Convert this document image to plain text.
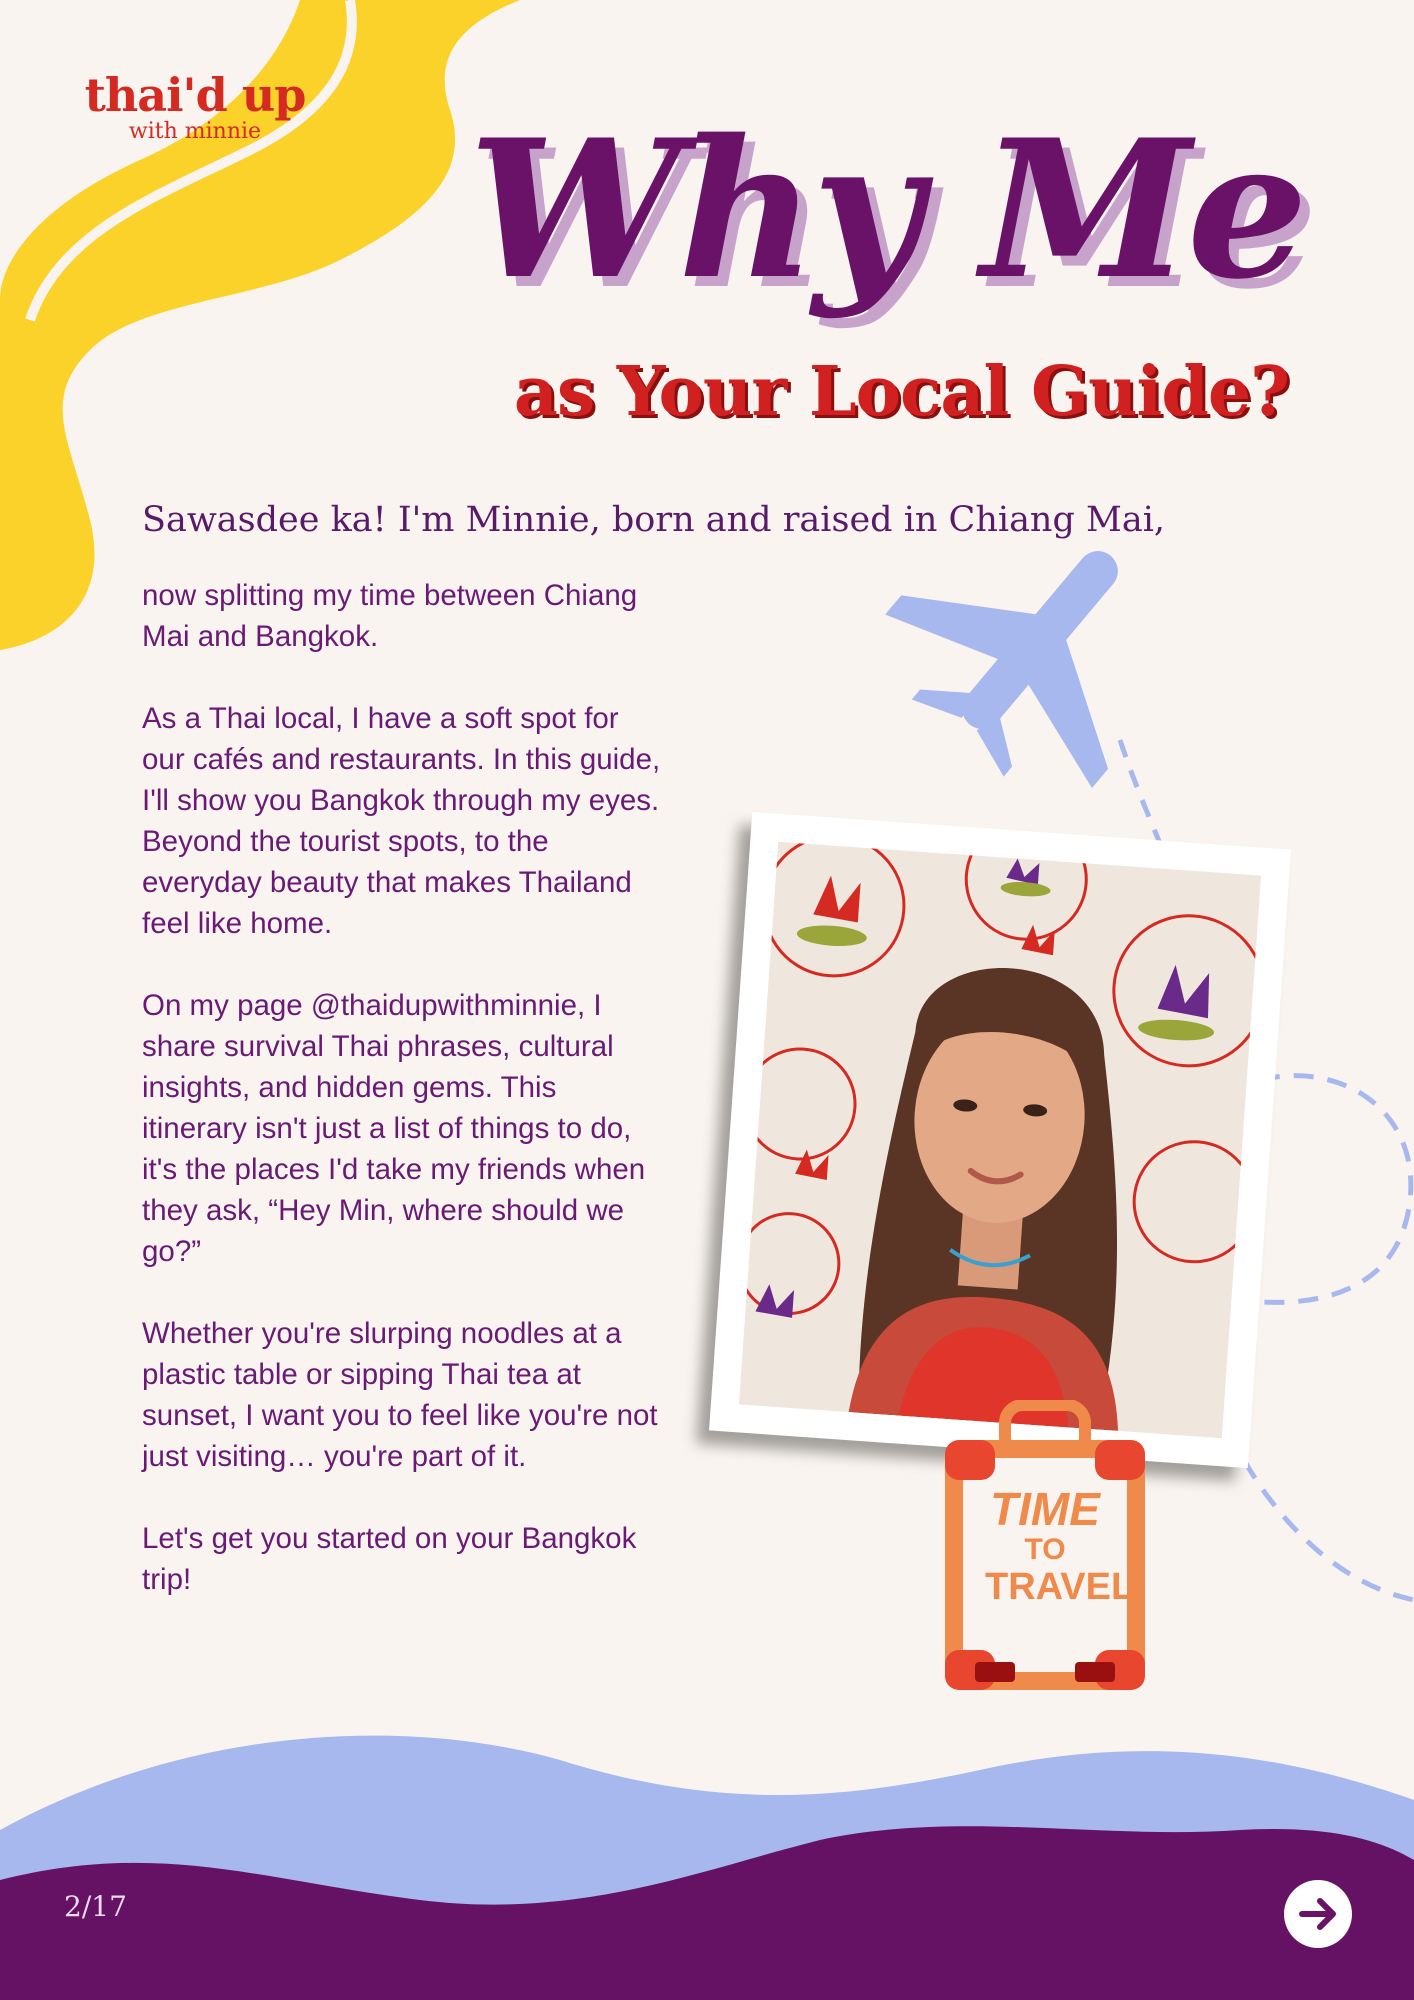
thai'd up
with minnie	Why Me
as Your Local Guide?
Sawasdee ka! I'm Minnie, born and raised in Chiang Mai,

now splitting my time between Chiang Mai and Bangkok.

As a Thai local, I have a soft spot for our cafés and restaurants. In this guide, I'll show you Bangkok through my eyes. Beyond the tourist spots, to the everyday beauty that makes Thailand feel like home.

On my page @thaidupwithminnie, I share survival Thai phrases, cultural insights, and hidden gems. This itinerary isn't just a list of things to do, it's the places I'd take my friends when they ask, “Hey Min, where should we go?”

Whether you're slurping noodles at a plastic table or sipping Thai tea at sunset, I want you to feel like you're not just visiting… you're part of it.

Let's get you started on your Bangkok trip!

TIME
TO
TRAVEL
2/17
